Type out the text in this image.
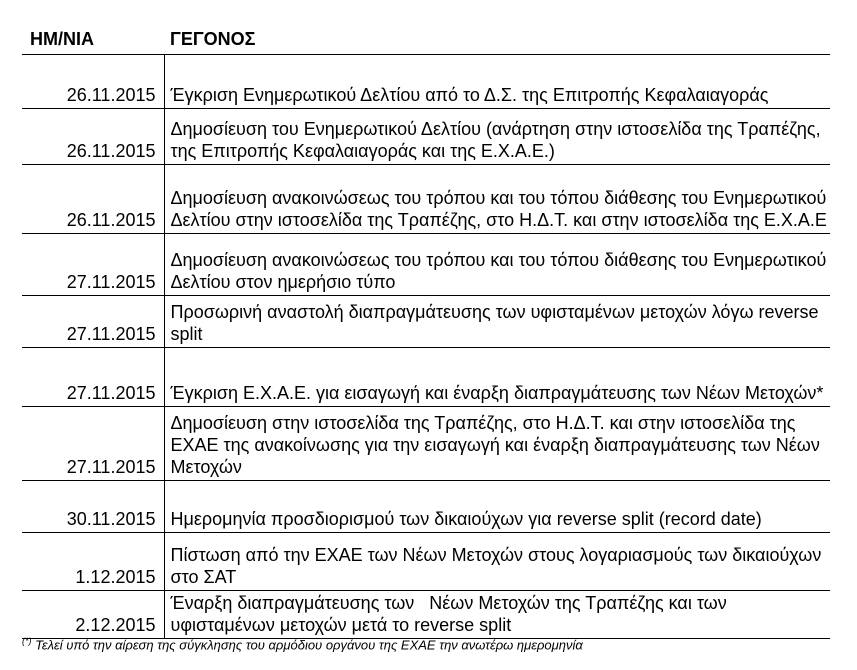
ΗΜ/ΝΙΑ	ΓΕΓΟΝΟΣ
26.11.2015	Έγκριση Ενημερωτικού Δελτίου από το Δ.Σ. της Επιτροπής Κεφαλαιαγοράς
26.11.2015	Δημοσίευση του Ενημερωτικού Δελτίου (ανάρτηση στην ιστοσελίδα της Τραπέζης, της Επιτροπής Κεφαλαιαγοράς και της Ε.Χ.Α.Ε.)
26.11.2015	Δημοσίευση ανακοινώσεως του τρόπου και του τόπου διάθεσης του Ενημερωτικού Δελτίου στην ιστοσελίδα της Τραπέζης, στο Η.Δ.Τ. και στην ιστοσελίδα της Ε.Χ.Α.Ε
27.11.2015	Δημοσίευση ανακοινώσεως του τρόπου και του τόπου διάθεσης του Ενημερωτικού Δελτίου στον ημερήσιο τύπο
27.11.2015	Προσωρινή αναστολή διαπραγμάτευσης των υφισταμένων μετοχών λόγω reverse split
27.11.2015	Έγκριση Ε.Χ.Α.Ε. για εισαγωγή και έναρξη διαπραγμάτευσης των Νέων Μετοχών*
27.11.2015	Δημοσίευση στην ιστοσελίδα της Τραπέζης, στο Η.Δ.Τ. και στην ιστοσελίδα της ΕΧΑΕ της ανακοίνωσης για την εισαγωγή και έναρξη διαπραγμάτευσης των Νέων Μετοχών
30.11.2015	Ημερομηνία προσδιορισμού των δικαιούχων για reverse split (record date)
1.12.2015	Πίστωση από την ΕΧΑΕ των Νέων Μετοχών στους λογαριασμούς των δικαιούχων στο ΣΑΤ
2.12.2015	Έναρξη διαπραγμάτευσης των   Νέων Μετοχών της Τραπέζης και των  υφισταμένων μετοχών μετά το reverse split
(*) Τελεί υπό την αίρεση της σύγκλησης του αρμόδιου οργάνου της ΕΧΑΕ την ανωτέρω ημερομηνία
